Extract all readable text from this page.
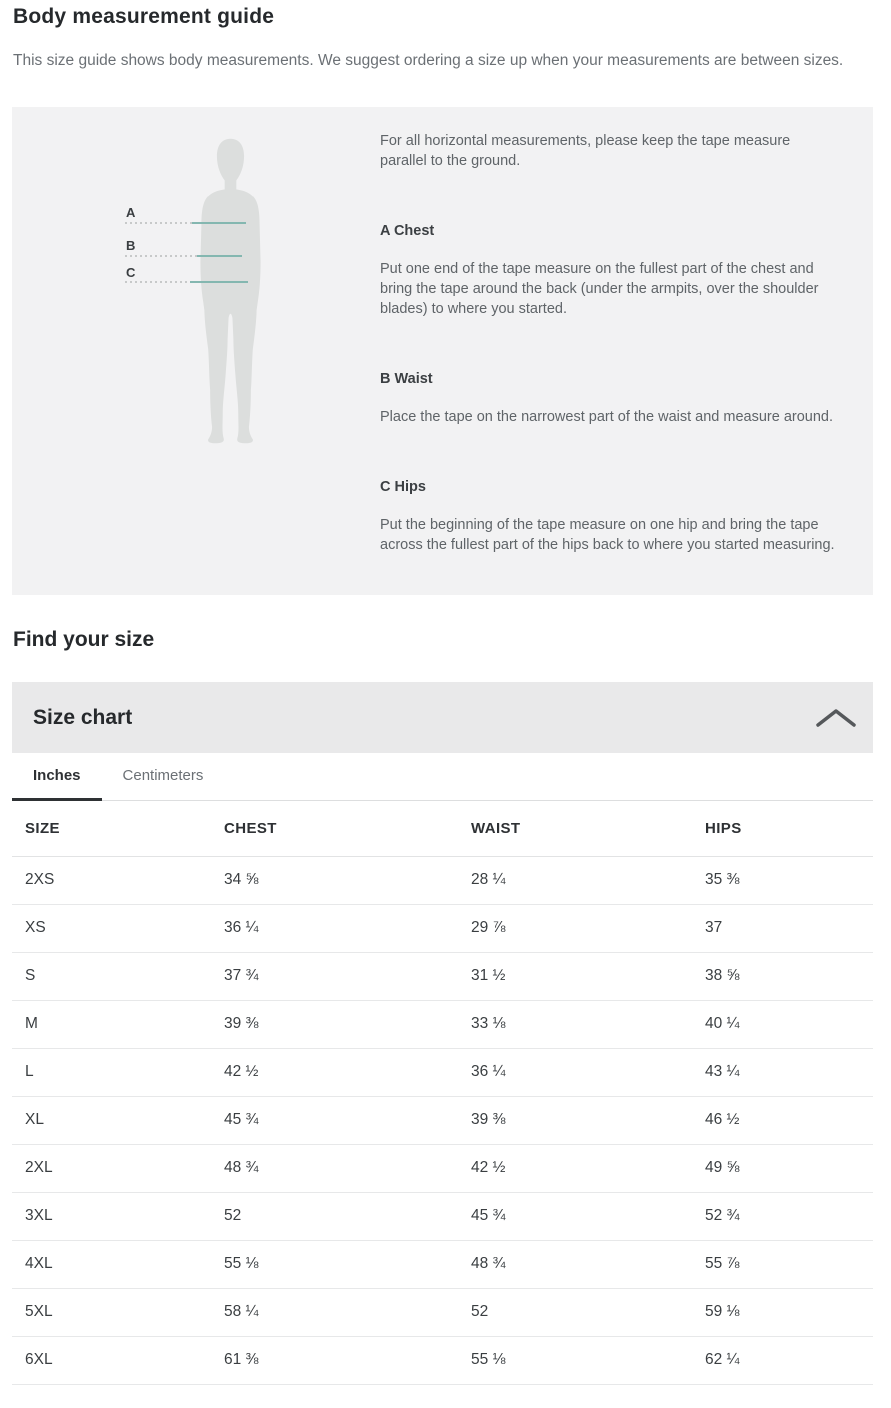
Body measurement guide
This size guide shows body measurements. We suggest ordering a size up when your measurements are between sizes.
A
B
C
For all horizontal measurements, please keep the tape measure parallel to the ground.
A Chest
Put one end of the tape measure on the fullest part of the chest and bring the tape around the back (under the armpits, over the shoulder blades) to where you started.
B Waist
Place the tape on the narrowest part of the waist and measure around.
C Hips
Put the beginning of the tape measure on one hip and bring the tape across the fullest part of the hips back to where you started measuring.
Find your size
Size chart
Inches	Centimeters
SIZE	CHEST	WAIST	HIPS
2XS	34 ⅝	28 ¼	35 ⅜
XS	36 ¼	29 ⅞	37
S	37 ¾	31 ½	38 ⅝
M	39 ⅜	33 ⅛	40 ¼
L	42 ½	36 ¼	43 ¼
XL	45 ¾	39 ⅜	46 ½
2XL	48 ¾	42 ½	49 ⅝
3XL	52	45 ¾	52 ¾
4XL	55 ⅛	48 ¾	55 ⅞
5XL	58 ¼	52	59 ⅛
6XL	61 ⅜	55 ⅛	62 ¼
